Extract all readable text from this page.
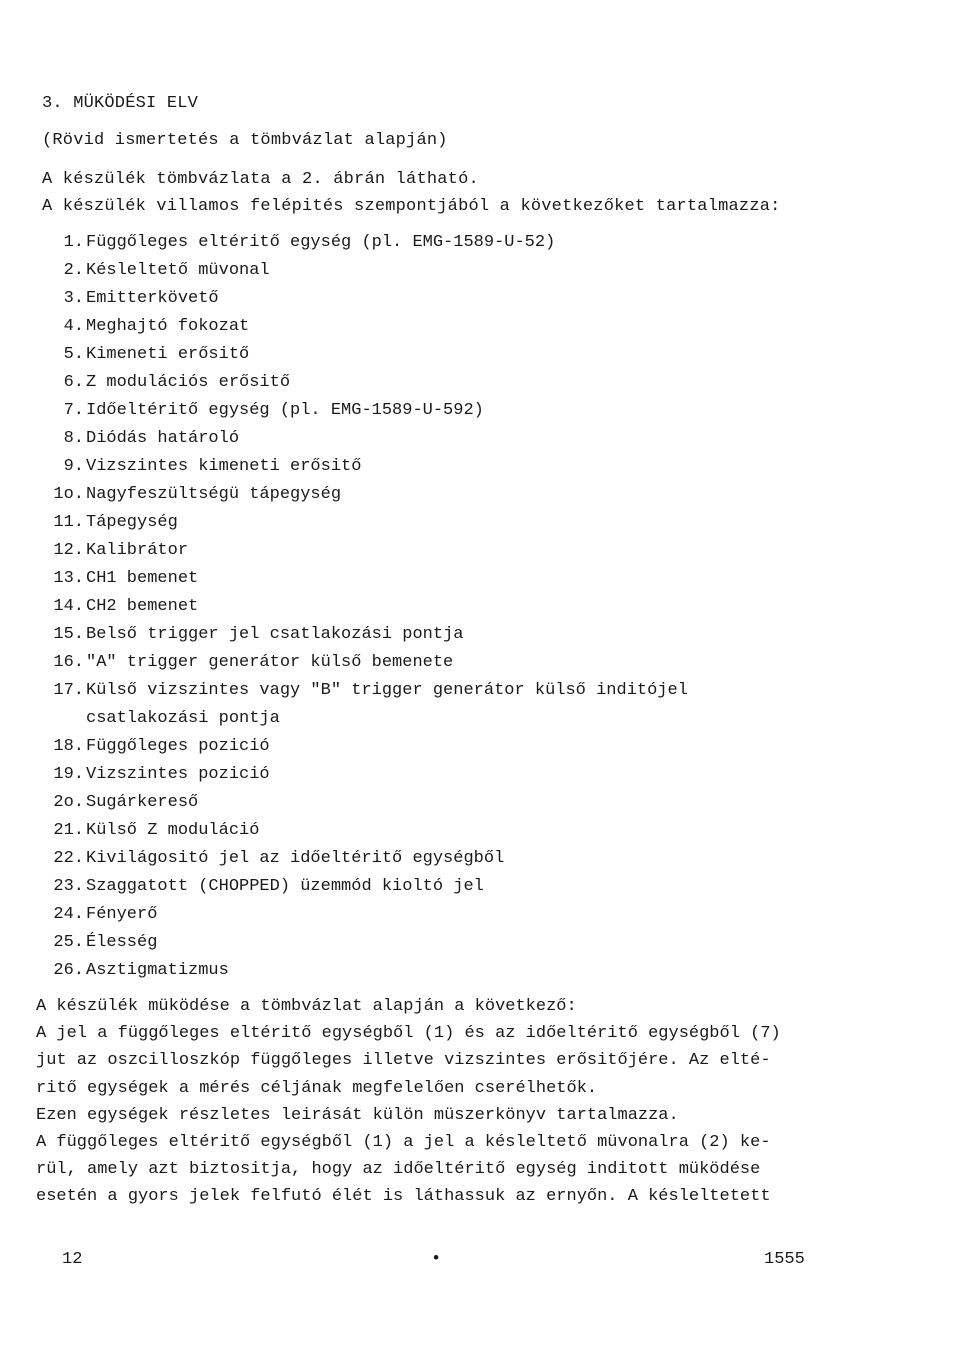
3. MÜKÖDÉSI ELV
(Rövid ismertetés a tömbvázlat alapján)
A készülék tömbvázlata a 2. ábrán látható.
A készülék villamos felépités szempontjából a következőket tartalmazza:
1. Függőleges eltéritő egység (pl. EMG-1589-U-52)
2. Késleltető müvonal
3. Emitterkövető
4. Meghajtó fokozat
5. Kimeneti erősitő
6. Z modulációs erősitő
7. Időeltéritő egység (pl. EMG-1589-U-592)
8. Diódás határoló
9. Vizszintes kimeneti erősitő
1o. Nagyfeszültségü tápegység
11. Tápegység
12. Kalibrátor
13. CH1 bemenet
14. CH2 bemenet
15. Belső trigger jel csatlakozási pontja
16. "A" trigger generátor külső bemenete
17. Külső vizszintes vagy "B" trigger generátor külső inditójel
csatlakozási pontja
18. Függőleges pozició
19. Vizszintes pozició
2o. Sugárkereső
21. Külső Z moduláció
22. Kivilágositó jel az időeltéritő egységből
23. Szaggatott (CHOPPED) üzemmód kioltó jel
24. Fényerő
25. Élesség
26. Asztigmatizmus
A készülék müködése a tömbvázlat alapján a következő:
A jel a függőleges eltéritő egységből (1) és az időeltéritő egységből (7)
jut az oszcilloszkóp függőleges illetve vizszintes erősitőjére. Az elté-
ritő egységek a mérés céljának megfelelően cserélhetők.
Ezen egységek részletes leirását külön müszerkönyv tartalmazza.
A függőleges eltéritő egységből (1) a jel a késleltető müvonalra (2) ke-
rül, amely azt biztositja, hogy az időeltéritő egység inditott müködése
esetén a gyors jelek felfutó élét is láthassuk az ernyőn. A késleltetett
12	•	1555
